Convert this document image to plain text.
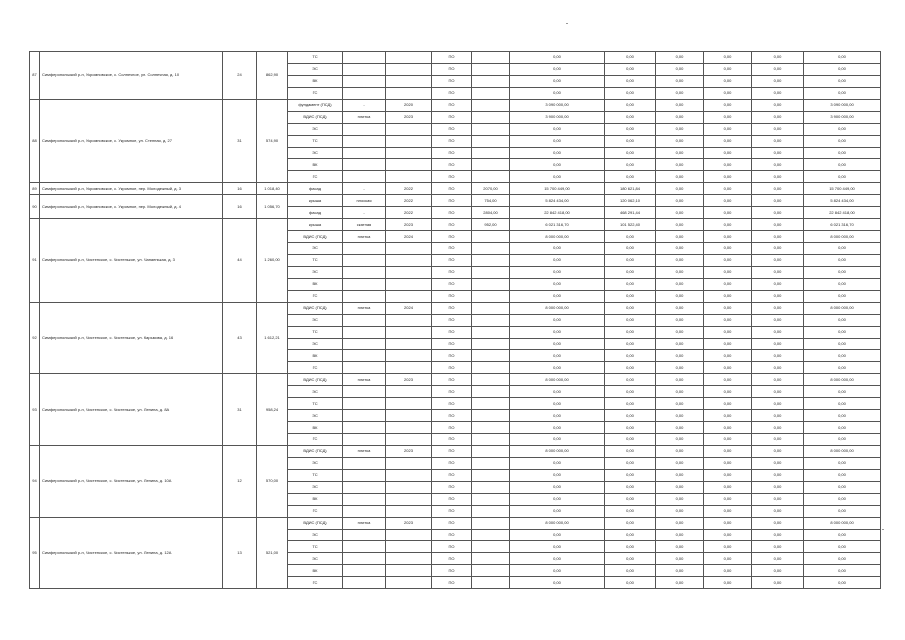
87	Симферопольский р-н, Укромновское, с. Солнечное, ул. Солнечная, д. 10	24	862,90	ТС			ПО		0,00	0,00	0,00	0,00	0,00	0,00
				ЭС			ПО		0,00	0,00	0,00	0,00	0,00	0,00
				ВК			ПО		0,00	0,00	0,00	0,00	0,00	0,00
				ГС			ПО		0,00	0,00	0,00	0,00	0,00	0,00
88	Симферопольский р-н, Укромновское, с. Укромное, ул. Степная, д. 27	31	574,90	фундамент (ПСД)	-	2020	ПО		3 090 000,00	0,00	0,00	0,00	0,00	3 090 000,00
				ВДИС (ПСД)	плитка	2023	ПО		3 900 000,00	0,00	0,00	0,00	0,00	3 900 000,00
				ЭС			ПО		0,00	0,00	0,00	0,00	0,00	0,00
				ТС			ПО		0,00	0,00	0,00	0,00	0,00	0,00
				ЭС			ПО		0,00	0,00	0,00	0,00	0,00	0,00
				ВК			ПО		0,00	0,00	0,00	0,00	0,00	0,00
				ГС			ПО		0,00	0,00	0,00	0,00	0,00	0,00
89	Симферопольский р-н, Укромновское, с. Укромное, пер. Молодежный, д. 3	16	1 018,40	фасад	-	2022	ПО	2070,00	15 700 449,00	180 621,84	0,00	0,00	0,00	15 700 449,00
90	Симферопольский р-н, Укромновское, с. Укромное, пер. Молодежный, д. 4	16	1 056,70	крыша	плоская	2022	ПО	754,00	5 824 434,00	120 062,10	0,00	0,00	0,00	5 824 434,00
				фасад	-	2022	ПО	2804,00	22 842 418,00	468 291,44	0,00	0,00	0,00	22 842 418,00
91	Симферопольский р-н, Чистенское, с. Чистенькое, ул. Чапаенькая, д. 3	44	1 260,00	крыша	скатная	2023	ПО	952,00	6 021 316,70	101 522,40	0,00	0,00	0,00	6 021 316,70
				ВДИС (ПСД)	плитка	2024	ПО		8 000 000,00	0,00	0,00	0,00	0,00	8 000 000,00
				ЭС			ПО		0,00	0,00	0,00	0,00	0,00	0,00
				ТС			ПО		0,00	0,00	0,00	0,00	0,00	0,00
				ЭС			ПО		0,00	0,00	0,00	0,00	0,00	0,00
				ВК			ПО		0,00	0,00	0,00	0,00	0,00	0,00
				ГС			ПО		0,00	0,00	0,00	0,00	0,00	0,00
92	Симферопольский р-н, Чистенское, с. Чистенькое, ул. Карьмова, д. 16	43	1 612,21	ВДИС (ПСД)	плитка	2024	ПО		8 000 000,00	0,00	0,00	0,00	0,00	8 000 000,00
				ЭС			ПО		0,00	0,00	0,00	0,00	0,00	0,00
				ТС			ПО		0,00	0,00	0,00	0,00	0,00	0,00
				ЭС			ПО		0,00	0,00	0,00	0,00	0,00	0,00
				ВК			ПО		0,00	0,00	0,00	0,00	0,00	0,00
				ГС			ПО		0,00	0,00	0,00	0,00	0,00	0,00
93	Симферопольский р-н, Чистенское, с. Чистенькое, ул. Ленина, д. 8А	31	958,24	ВДИС (ПСД)	плитка	2023	ПО		8 000 000,00	0,00	0,00	0,00	0,00	8 000 000,00
				ЭС			ПО		0,00	0,00	0,00	0,00	0,00	0,00
				ТС			ПО		0,00	0,00	0,00	0,00	0,00	0,00
				ЭС			ПО		0,00	0,00	0,00	0,00	0,00	0,00
				ВК			ПО		0,00	0,00	0,00	0,00	0,00	0,00
				ГС			ПО		0,00	0,00	0,00	0,00	0,00	0,00
94	Симферопольский р-н, Чистенское, с. Чистенькое, ул. Ленина, д. 10А	12	570,00	ВДИС (ПСД)	плитка	2023	ПО		8 000 000,00	0,00	0,00	0,00	0,00	8 000 000,00
				ЭС			ПО		0,00	0,00	0,00	0,00	0,00	0,00
				ТС			ПО		0,00	0,00	0,00	0,00	0,00	0,00
				ЭС			ПО		0,00	0,00	0,00	0,00	0,00	0,00
				ВК			ПО		0,00	0,00	0,00	0,00	0,00	0,00
				ГС			ПО		0,00	0,00	0,00	0,00	0,00	0,00
95	Симферопольский р-н, Чистенское, с. Чистенькое, ул. Ленина, д. 12А	13	521,00	ВДИС (ПСД)	плитка	2023	ПО		8 000 000,00	0,00	0,00	0,00	0,00	8 000 000,00
				ЭС			ПО		0,00	0,00	0,00	0,00	0,00	0,00
				ТС			ПО		0,00	0,00	0,00	0,00	0,00	0,00
				ЭС			ПО		0,00	0,00	0,00	0,00	0,00	0,00
				ВК			ПО		0,00	0,00	0,00	0,00	0,00	0,00
				ГС			ПО		0,00	0,00	0,00	0,00	0,00	0,00
